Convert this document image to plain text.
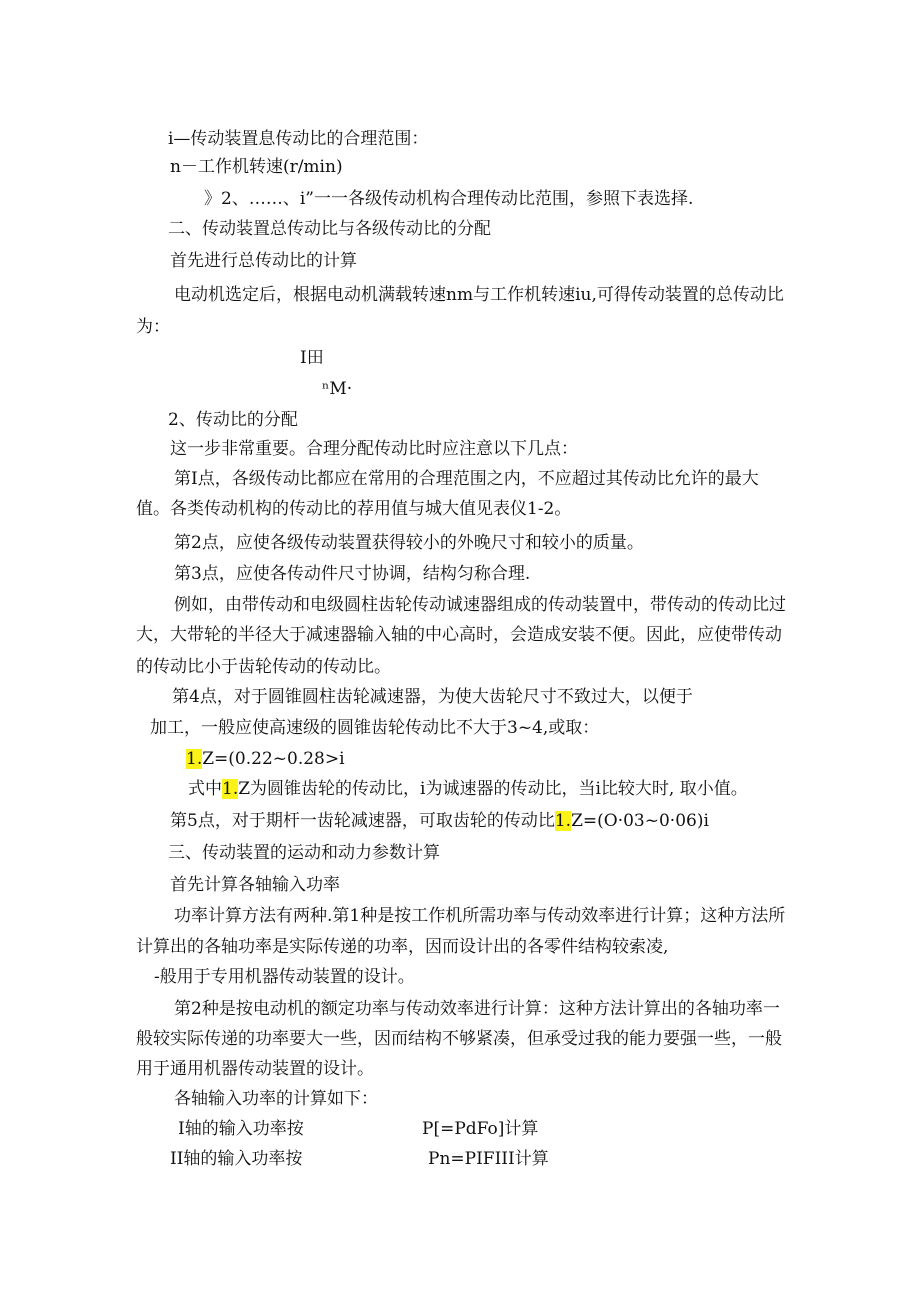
i—传动装置息传动比的合理范围：
n－工作机转速(r/min)
》2、……、i”一一各级传动机构合理传动比范围，参照下表选择.
二、传动装置总传动比与各级传动比的分配
首先进行总传动比的计算
电动机选定后，根据电动机满载转速nm与工作机转速iu,可得传动装置的总传动比
为：
I田
ⁿM·
2、传动比的分配
这一步非常重要。合理分配传动比时应注意以下几点：
第I点，各级传动比都应在常用的合理范围之内，不应超过其传动比允许的最大
值。各类传动机构的传动比的荐用值与城大值见表仪1-2。
第2点，应使各级传动装置获得较小的外晚尺寸和较小的质量。
第3点，应使各传动件尺寸协调，结构匀称合理.
例如，由带传动和电级圆柱齿轮传动诚速器组成的传动装置中，带传动的传动比过
大，大带轮的半径大于减速器输入轴的中心高时，会造成安装不便。因此，应使带传动
的传动比小于齿轮传动的传动比。
第4点，对于圆锥圆柱齿轮减速器，为使大齿轮尺寸不致过大，以便于
加工，一般应使高速级的圆锥齿轮传动比不大于3~4,或取：
1.Z=(0.22~0.28>i
式中1.Z为圆锥齿轮的传动比，i为诚速器的传动比，当i比较大时, 取小值。
第5点，对于期杆一齿轮减速器，可取齿轮的传动比1.Z=(O·03~0·06)i
三、传动装置的运动和动力参数计算
首先计算各轴输入功率
功率计算方法有两种.第1种是按工作机所需功率与传动效率进行计算；这种方法所
计算出的各轴功率是实际传递的功率，因而设计出的各零件结构较索凌,
-般用于专用机器传动装置的设计。
第2种是按电动机的额定功率与传动效率进行计算：这种方法计算出的各轴功率一
般较实际传递的功率要大一些，因而结构不够紧凑，但承受过我的能力要强一些，一般
用于通用机器传动装置的设计。
各轴输入功率的计算如下：
I轴的输入功率按	P[=PdFo]计算
II轴的输入功率按	Pn=PIFIII计算
